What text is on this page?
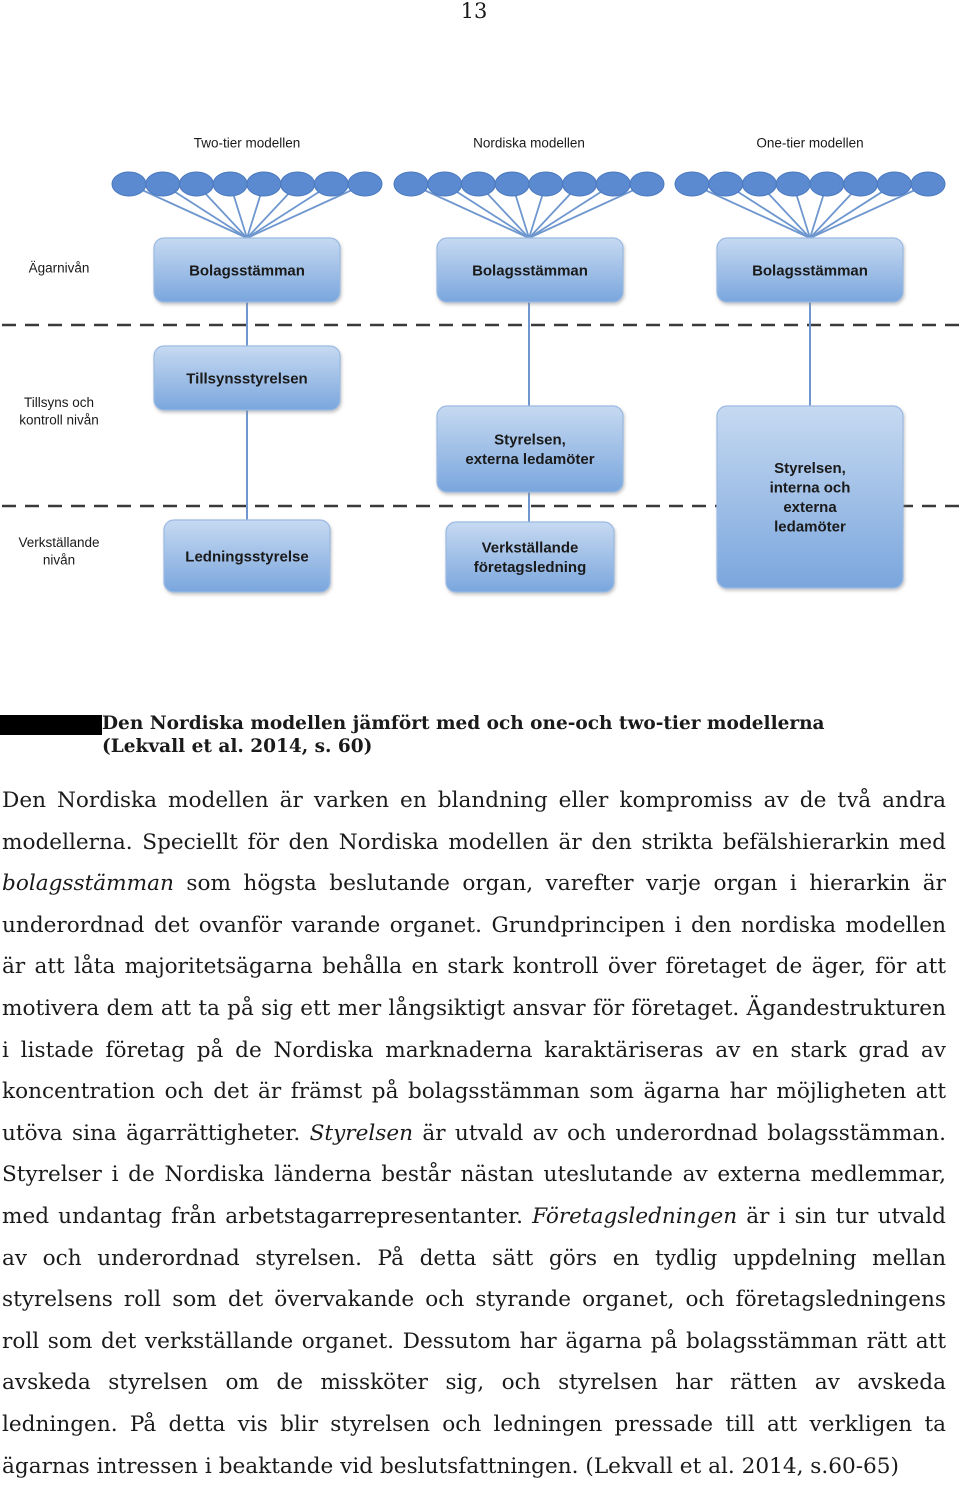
13
Ägarnivån
Tillsyns och kontroll nivån
Verkställande nivån
Two-tier modellen
Bolagsstämman
Tillsynsstyrelsen
Ledningsstyrelse
Nordiska modellen
Bolagsstämman
Styrelsen, externa ledamöter
Verkställande företagsledning
One-tier modellen
Bolagsstämman
Styrelsen, interna och externa ledamöter
Den Nordiska modellen jämfört med och one-och two-tier modellerna
(Lekvall et al. 2014, s. 60)

Den Nordiska modellen är varken en blandning eller kompromiss av de två andra modellerna. Speciellt för den Nordiska modellen är den strikta befälshierarkin med bolagsstämman som högsta beslutande organ, varefter varje organ i hierarkin är underordnad det ovanför varande organet. Grundprincipen i den nordiska modellen är att låta majoritetsägarna behålla en stark kontroll över företaget de äger, för att motivera dem att ta på sig ett mer långsiktigt ansvar för företaget. Ägandestrukturen i listade företag på de Nordiska marknaderna karaktäriseras av en stark grad av koncentration och det är främst på bolagsstämman som ägarna har möjligheten att utöva sina ägarrättigheter. Styrelsen är utvald av och underordnad bolagsstämman. Styrelser i de Nordiska länderna består nästan uteslutande av externa medlemmar, med undantag från arbetstagarrepresentanter. Företagsledningen är i sin tur utvald av och underordnad styrelsen. På detta sätt görs en tydlig uppdelning mellan styrelsens roll som det övervakande och styrande organet, och företagsledningens roll som det verkställande organet. Dessutom har ägarna på bolagsstämman rätt att avskeda styrelsen om de missköter sig, och styrelsen har rätten av avskeda ledningen. På detta vis blir styrelsen och ledningen pressade till att verkligen ta ägarnas intressen i beaktande vid beslutsfattningen. (Lekvall et al. 2014, s.60-65)
